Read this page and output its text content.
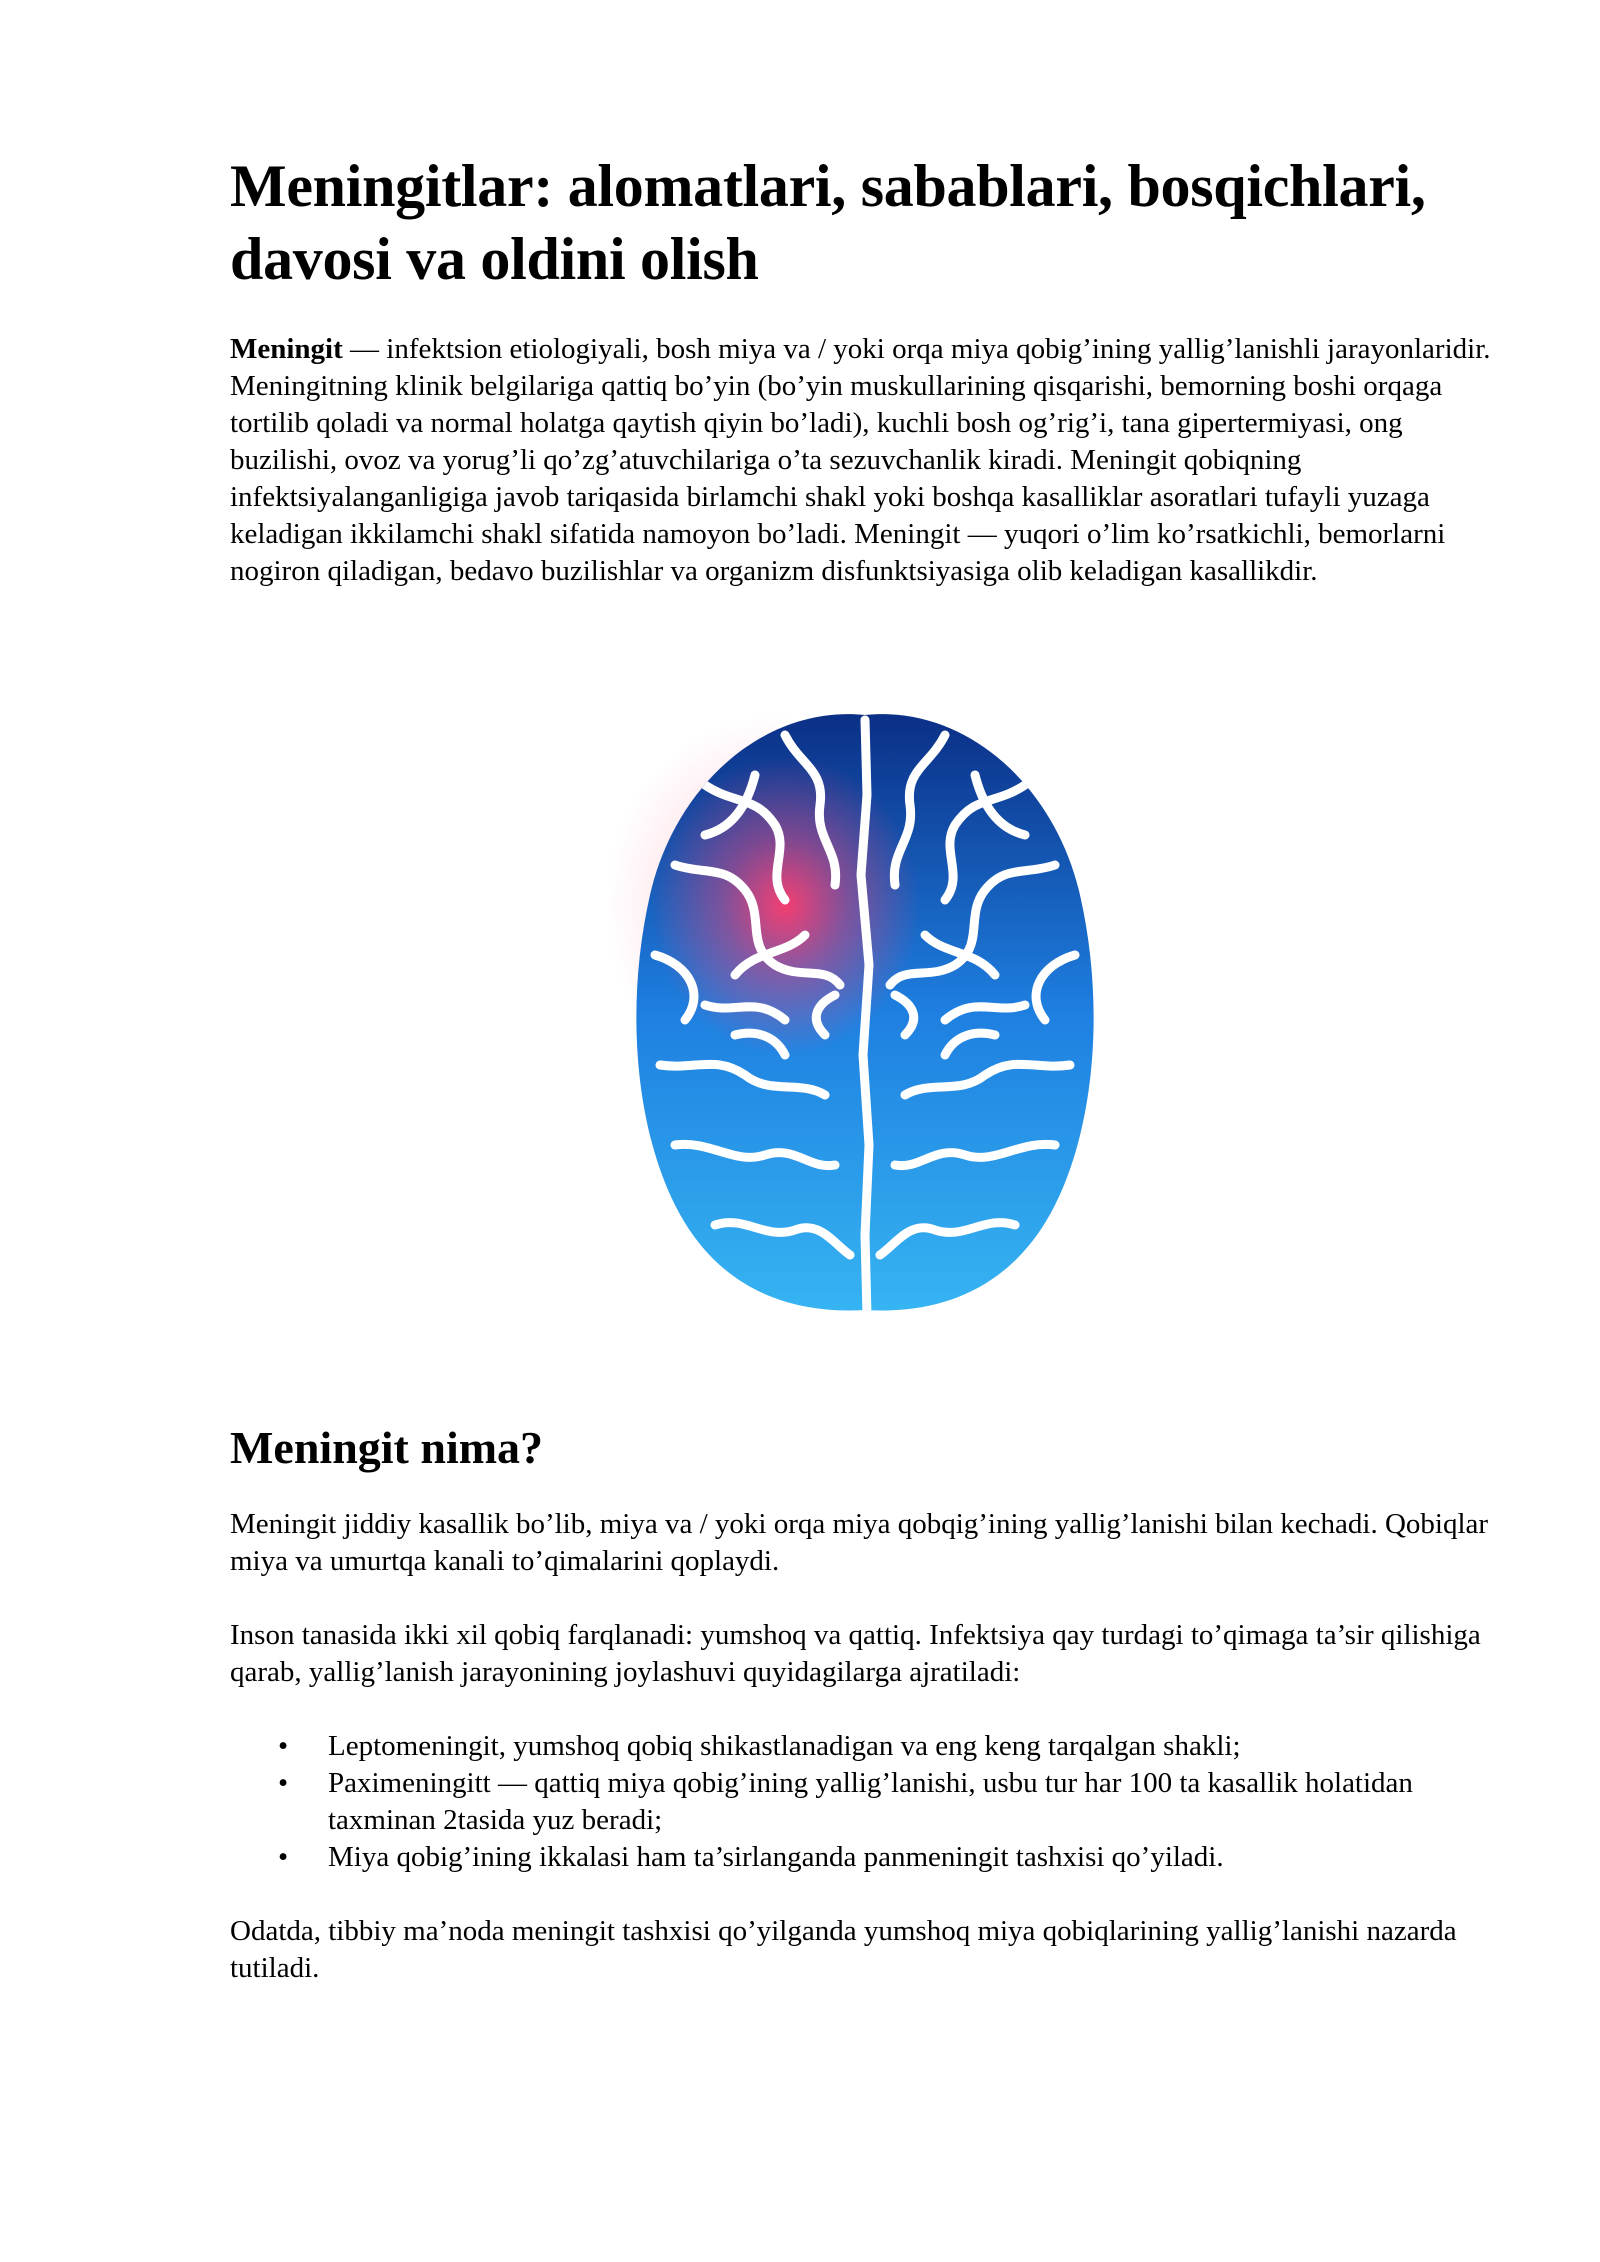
Meningitlar: alomatlari, sabablari, bosqichlari, davosi va oldini olish

Meningit — infektsion etiologiyali, bosh miya va / yoki orqa miya qobig’ining yallig’lanishli jarayonlaridir. Meningitning klinik belgilariga qattiq bo’yin (bo’yin muskullarining qisqarishi, bemorning boshi orqaga tortilib qoladi va normal holatga qaytish qiyin bo’ladi), kuchli bosh og’rig’i, tana gipertermiyasi, ong buzilishi, ovoz va yorug’li qo’zg’atuvchilariga o’ta sezuvchanlik kiradi. Meningit qobiqning infektsiyalanganligiga javob tariqasida birlamchi shakl yoki boshqa kasalliklar asoratlari tufayli yuzaga keladigan ikkilamchi shakl sifatida namoyon bo’ladi. Meningit — yuqori o’lim ko’rsatkichli, bemorlarni nogiron qiladigan, bedavo buzilishlar va organizm disfunktsiyasiga olib keladigan kasallikdir.

Meningit nima?

Meningit jiddiy kasallik bo’lib, miya va / yoki orqa miya qobqig’ining yallig’lanishi bilan kechadi. Qobiqlar miya va umurtqa kanali to’qimalarini qoplaydi.

Inson tanasida ikki xil qobiq farqlanadi: yumshoq va qattiq. Infektsiya qay turdagi to’qimaga ta’sir qilishiga qarab, yallig’lanish jarayonining joylashuvi quyidagilarga ajratiladi:

• Leptomeningit, yumshoq qobiq shikastlanadigan va eng keng tarqalgan shakli;
• Paximeningitt — qattiq miya qobig’ining yallig’lanishi, usbu tur har 100 ta kasallik holatidan taxminan 2tasida yuz beradi;
• Miya qobig’ining ikkalasi ham ta’sirlanganda panmeningit tashxisi qo’yiladi.

Odatda, tibbiy ma’noda meningit tashxisi qo’yilganda yumshoq miya qobiqlarining yallig’lanishi nazarda tutiladi.
